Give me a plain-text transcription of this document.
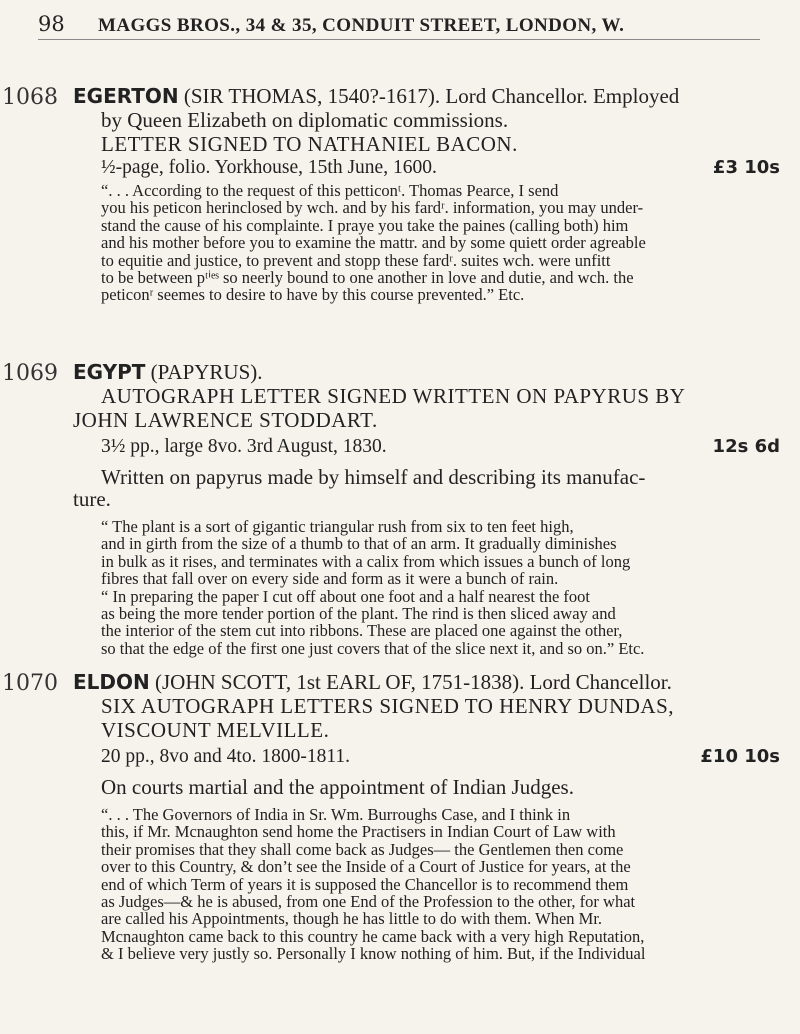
98	MAGGS BROS., 34 & 35, CONDUIT STREET, LONDON, W.
1068 EGERTON (SIR THOMAS, 1540?-1617). Lord Chancellor. Employed
by Queen Elizabeth on diplomatic commissions.
LETTER SIGNED TO NATHANIEL BACON.
½-page, folio. Yorkhouse, 15th June, 1600.	£3 10s
“. . . According to the request of this petticonᵗ. Thomas Pearce, I send
you his peticon herinclosed by wch. and by his fardʳ. information, you may under-
stand the cause of his complainte. I praye you take the paines (calling both) him
and his mother before you to examine the mattr. and by some quiett order agreable
to equitie and justice, to prevent and stopp these fardʳ. suites wch. were unfitt
to be between pᵗⁱᵉˢ so neerly bound to one another in love and dutie, and wch. the
peticonʳ seemes to desire to have by this course prevented.” Etc.
1069 EGYPT (PAPYRUS).
AUTOGRAPH LETTER SIGNED WRITTEN ON PAPYRUS BY
JOHN LAWRENCE STODDART.
3½ pp., large 8vo. 3rd August, 1830.	12s 6d
Written on papyrus made by himself and describing its manufac-
ture.
“ The plant is a sort of gigantic triangular rush from six to ten feet high,
and in girth from the size of a thumb to that of an arm. It gradually diminishes
in bulk as it rises, and terminates with a calix from which issues a bunch of long
fibres that fall over on every side and form as it were a bunch of rain.
“ In preparing the paper I cut off about one foot and a half nearest the foot
as being the more tender portion of the plant. The rind is then sliced away and
the interior of the stem cut into ribbons. These are placed one against the other,
so that the edge of the first one just covers that of the slice next it, and so on.” Etc.
1070 ELDON (JOHN SCOTT, 1st EARL OF, 1751-1838). Lord Chancellor.
SIX AUTOGRAPH LETTERS SIGNED TO HENRY DUNDAS,
VISCOUNT MELVILLE.
20 pp., 8vo and 4to. 1800-1811.	£10 10s
On courts martial and the appointment of Indian Judges.
“. . . The Governors of India in Sr. Wm. Burroughs Case, and I think in
this, if Mr. Mcnaughton send home the Practisers in Indian Court of Law with
their promises that they shall come back as Judges— the Gentlemen then come
over to this Country, & don’t see the Inside of a Court of Justice for years, at the
end of which Term of years it is supposed the Chancellor is to recommend them
as Judges—& he is abused, from one End of the Profession to the other, for what
are called his Appointments, though he has little to do with them. When Mr.
Mcnaughton came back to this country he came back with a very high Reputation,
& I believe very justly so. Personally I know nothing of him. But, if the Individual
